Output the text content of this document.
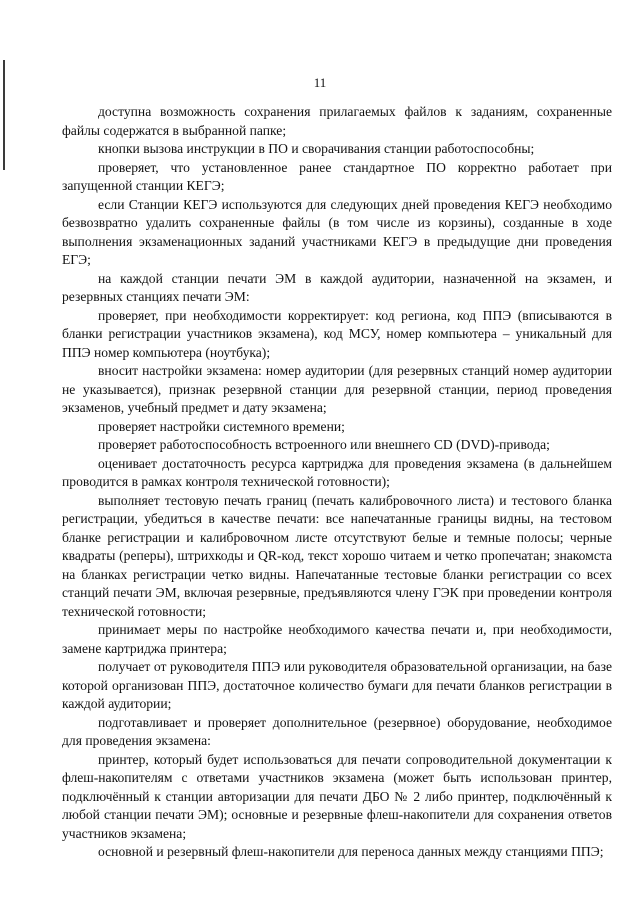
11

доступна возможность сохранения прилагаемых файлов к заданиям, сохраненные файлы содержатся в выбранной папке;

кнопки вызова инструкции в ПО и сворачивания станции работоспособны;

проверяет, что установленное ранее стандартное ПО корректно работает при запущенной станции КЕГЭ;

если Станции КЕГЭ используются для следующих дней проведения КЕГЭ необходимо безвозвратно удалить сохраненные файлы (в том числе из корзины), созданные в ходе выполнения экзаменационных заданий участниками КЕГЭ в предыдущие дни проведения ЕГЭ;

на каждой станции печати ЭМ в каждой аудитории, назначенной на экзамен, и резервных станциях печати ЭМ:

проверяет, при необходимости корректирует: код региона, код ППЭ (вписываются в бланки регистрации участников экзамена), код МСУ, номер компьютера – уникальный для ППЭ номер компьютера (ноутбука);

вносит настройки экзамена: номер аудитории (для резервных станций номер аудитории не указывается), признак резервной станции для резервной станции, период проведения экзаменов, учебный предмет и дату экзамена;

проверяет настройки системного времени;

проверяет работоспособность встроенного или внешнего CD (DVD)-привода;

оценивает достаточность ресурса картриджа для проведения экзамена (в дальнейшем проводится в рамках контроля технической готовности);

выполняет тестовую печать границ (печать калибровочного листа) и тестового бланка регистрации, убедиться в качестве печати: все напечатанные границы видны, на тестовом бланке регистрации и калибровочном листе отсутствуют белые и темные полосы; черные квадраты (реперы), штрихкоды и QR-код, текст хорошо читаем и четко пропечатан; знакомста на бланках регистрации четко видны. Напечатанные тестовые бланки регистрации со всех станций печати ЭМ, включая резервные, предъявляются члену ГЭК при проведении контроля технической готовности;

принимает меры по настройке необходимого качества печати и, при необходимости, замене картриджа принтера;

получает от руководителя ППЭ или руководителя образовательной организации, на базе которой организован ППЭ, достаточное количество бумаги для печати бланков регистрации в каждой аудитории;

подготавливает и проверяет дополнительное (резервное) оборудование, необходимое для проведения экзамена:

принтер, который будет использоваться для печати сопроводительной документации к флеш-накопителям с ответами участников экзамена (может быть использован принтер, подключённый к станции авторизации для печати ДБО № 2 либо принтер, подключённый к любой станции печати ЭМ); основные и резервные флеш-накопители для сохранения ответов участников экзамена;

основной и резервный флеш-накопители для переноса данных между станциями ППЭ;
